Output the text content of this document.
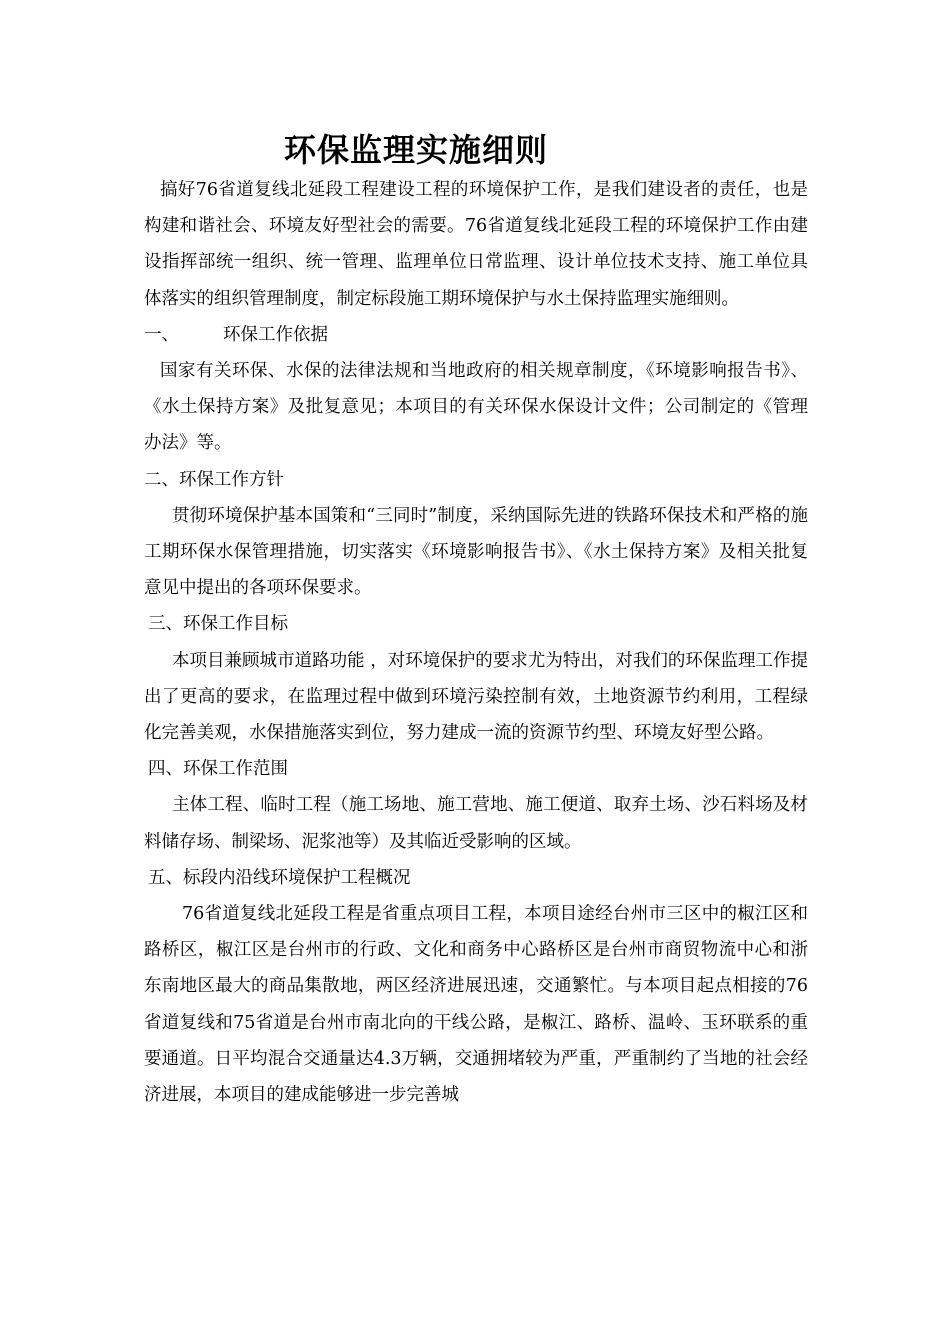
环保监理实施细则

搞好76省道复线北延段工程建设工程的环境保护工作，是我们建设者的责任，也是构建和谐社会、环境友好型社会的需要。76省道复线北延段工程的环境保护工作由建设指挥部统一组织、统一管理、监理单位日常监理、设计单位技术支持、施工单位具体落实的组织管理制度，制定标段施工期环境保护与水土保持监理实施细则。

一、	环保工作依据

国家有关环保、水保的法律法规和当地政府的相关规章制度，《环境影响报告书》、《水土保持方案》及批复意见；本项目的有关环保水保设计文件；公司制定的《管理办法》等。

二、环保工作方针

贯彻环境保护基本国策和“三同时”制度，采纳国际先进的铁路环保技术和严格的施工期环保水保管理措施，切实落实《环境影响报告书》、《水土保持方案》及相关批复意见中提出的各项环保要求。

三、环保工作目标

本项目兼顾城市道路功能 ，对环境保护的要求尤为特出，对我们的环保监理工作提出了更高的要求，在监理过程中做到环境污染控制有效，土地资源节约利用，工程绿化完善美观，水保措施落实到位，努力建成一流的资源节约型、环境友好型公路。

四、环保工作范围

主体工程、临时工程（施工场地、施工营地、施工便道、取弃土场、沙石料场及材料储存场、制梁场、泥浆池等）及其临近受影响的区域。

五、标段内沿线环境保护工程概况

76省道复线北延段工程是省重点项目工程，本项目途经台州市三区中的椒江区和路桥区，椒江区是台州市的行政、文化和商务中心路桥区是台州市商贸物流中心和浙东南地区最大的商品集散地，两区经济进展迅速，交通繁忙。与本项目起点相接的76省道复线和75省道是台州市南北向的干线公路，是椒江、路桥、温岭、玉环联系的重要通道。日平均混合交通量达4.3万辆，交通拥堵较为严重，严重制约了当地的社会经济进展，本项目的建成能够进一步完善城
